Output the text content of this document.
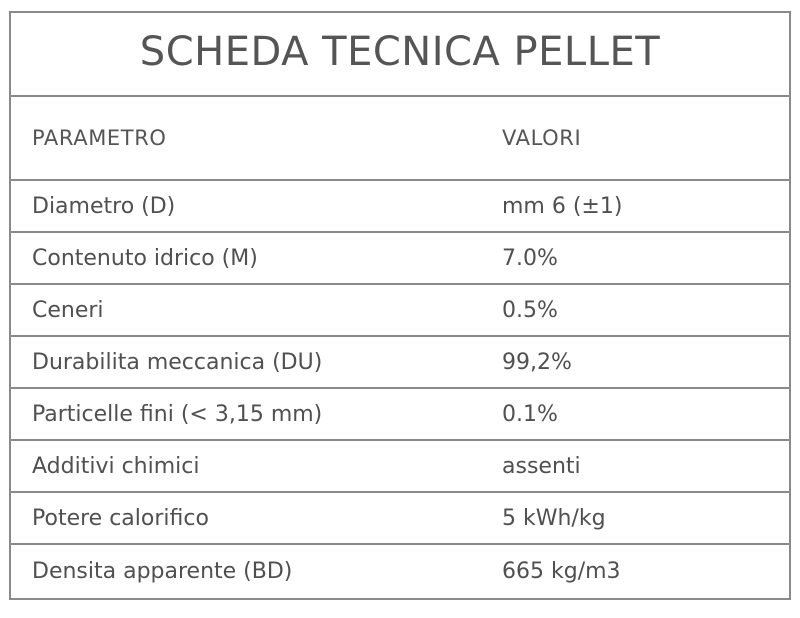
SCHEDA TECNICA PELLET
PARAMETRO	VALORI
Diametro (D)	mm 6 (±1)
Contenuto idrico (M)	7.0%
Ceneri	0.5%
Durabilita meccanica (DU)	99,2%
Particelle fini (< 3,15 mm)	0.1%
Additivi chimici	assenti
Potere calorifico	5 kWh/kg
Densita apparente (BD)	665 kg/m3
